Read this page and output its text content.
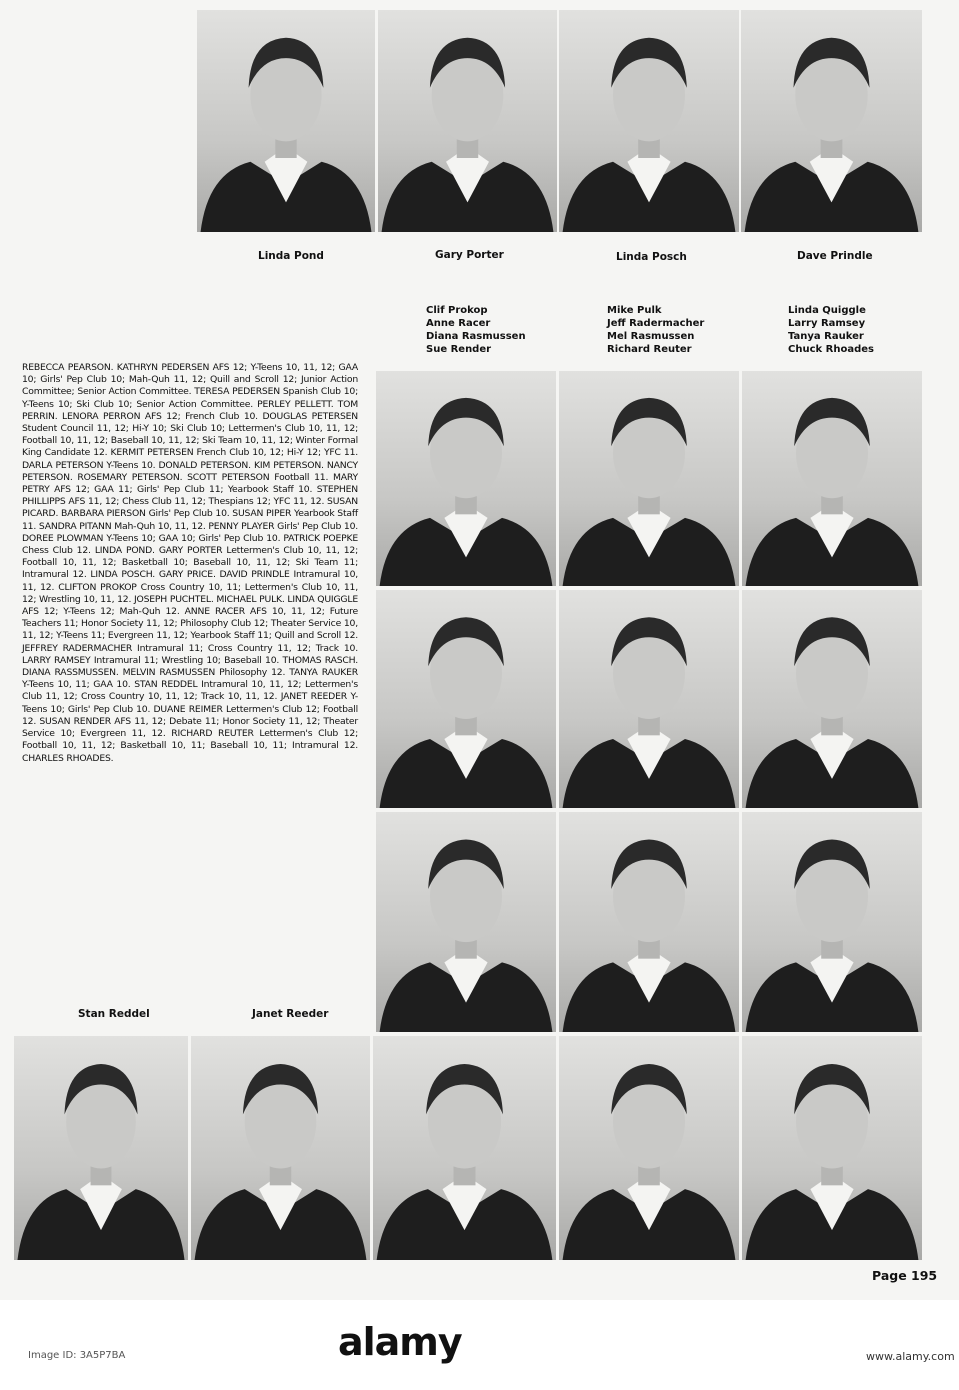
Linda Pond	Gary Porter	Linda Posch	Dave Prindle
Clif Prokop
Anne Racer
Diana Rasmussen
Sue Render
Mike Pulk
Jeff Radermacher
Mel Rasmussen
Richard Reuter
Linda Quiggle
Larry Ramsey
Tanya Rauker
Chuck Rhoades
REBECCA PEARSON. KATHRYN PEDERSEN AFS 12; Y-Teens 10, 11, 12; GAA 10; Girls' Pep Club 10; Mah-Quh 11, 12; Quill and Scroll 12; Junior Action Committee; Senior Action Committee. TERESA PEDERSEN Spanish Club 10; Y-Teens 10; Ski Club 10; Senior Action Committee. PERLEY PELLETT. TOM PERRIN. LENORA PERRON AFS 12; French Club 10. DOUGLAS PETERSEN Student Council 11, 12; Hi-Y 10; Ski Club 10; Lettermen's Club 10, 11, 12; Football 10, 11, 12; Baseball 10, 11, 12; Ski Team 10, 11, 12; Winter Formal King Candidate 12. KERMIT PETERSEN French Club 10, 12; Hi-Y 12; YFC 11. DARLA PETERSON Y-Teens 10. DONALD PETERSON. KIM PETERSON. NANCY PETERSON. ROSEMARY PETERSON. SCOTT PETERSON Football 11. MARY PETRY AFS 12; GAA 11; Girls' Pep Club 11; Yearbook Staff 10. STEPHEN PHILLIPPS AFS 11, 12; Chess Club 11, 12; Thespians 12; YFC 11, 12. SUSAN PICARD. BARBARA PIERSON Girls' Pep Club 10. SUSAN PIPER Yearbook Staff 11. SANDRA PITANN Mah-Quh 10, 11, 12. PENNY PLAYER Girls' Pep Club 10. DOREE PLOWMAN Y-Teens 10; GAA 10; Girls' Pep Club 10. PATRICK POEPKE Chess Club 12. LINDA POND. GARY PORTER Lettermen's Club 10, 11, 12; Football 10, 11, 12; Basketball 10; Baseball 10, 11, 12; Ski Team 11; Intramural 12. LINDA POSCH. GARY PRICE. DAVID PRINDLE Intramural 10, 11, 12. CLIFTON PROKOP Cross Country 10, 11; Lettermen's Club 10, 11, 12; Wrestling 10, 11, 12. JOSEPH PUCHTEL. MICHAEL PULK. LINDA QUIGGLE AFS 12; Y-Teens 12; Mah-Quh 12. ANNE RACER AFS 10, 11, 12; Future Teachers 11; Honor Society 11, 12; Philosophy Club 12; Theater Service 10, 11, 12; Y-Teens 11; Evergreen 11, 12; Yearbook Staff 11; Quill and Scroll 12. JEFFREY RADERMACHER Intramural 11; Cross Country 11, 12; Track 10. LARRY RAMSEY Intramural 11; Wrestling 10; Baseball 10. THOMAS RASCH. DIANA RASSMUSSEN. MELVIN RASMUSSEN Philosophy 12. TANYA RAUKER Y-Teens 10, 11; GAA 10. STAN REDDEL Intramural 10, 11, 12; Lettermen's Club 11, 12; Cross Country 10, 11, 12; Track 10, 11, 12. JANET REEDER Y-Teens 10; Girls' Pep Club 10. DUANE REIMER Lettermen's Club 12; Football 12. SUSAN RENDER AFS 11, 12; Debate 11; Honor Society 11, 12; Theater Service 10; Evergreen 11, 12. RICHARD REUTER Lettermen's Club 12; Football 10, 11, 12; Basketball 10, 11; Baseball 10, 11; Intramural 12. CHARLES RHOADES.
Stan Reddel	Janet Reeder
Page 195
alamy
Image ID: 3A5P7BA	www.alamy.com
